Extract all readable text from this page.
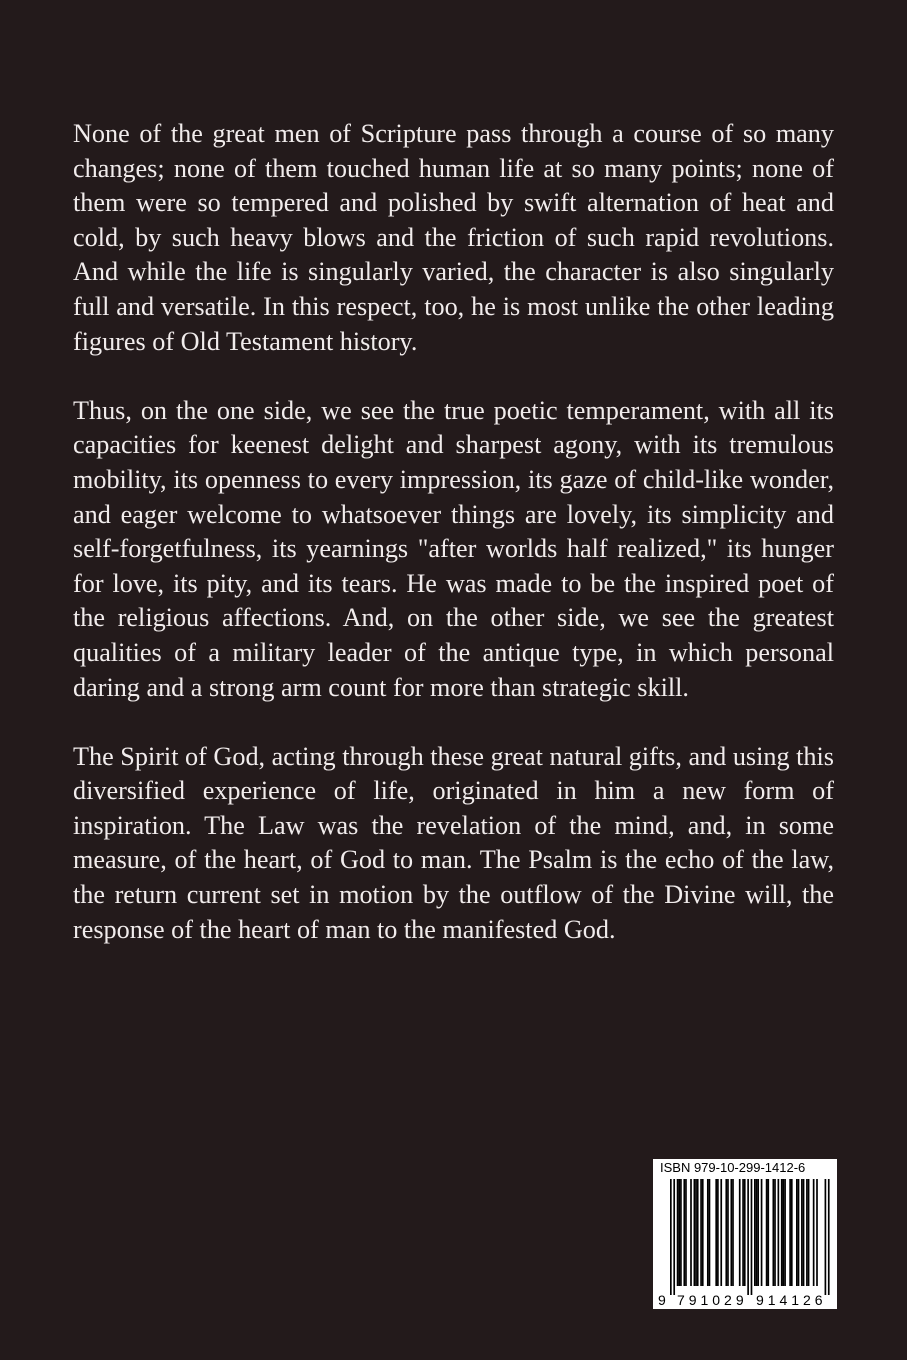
None of the great men of Scripture pass through a course of so many changes; none of them touched human life at so many points; none of them were so tempered and polished by swift alternation of heat and cold, by such heavy blows and the friction of such rapid revolutions. And while the life is singularly varied, the character is also singularly full and versatile. In this respect, too, he is most unlike the other leading figures of Old Testament history.

Thus, on the one side, we see the true poetic temperament, with all its capacities for keenest delight and sharpest agony, with its tremulous mobility, its openness to every impression, its gaze of child-like wonder, and eager welcome to whatsoever things are lovely, its simplicity and self-forgetfulness, its yearnings "after worlds half realized," its hunger for love, its pity, and its tears. He was made to be the inspired poet of the religious affections. And, on the other side, we see the greatest qualities of a military leader of the antique type, in which personal daring and a strong arm count for more than strategic skill.

The Spirit of God, acting through these great natural gifts, and using this diversified experience of life, originated in him a new form of inspiration. The Law was the revelation of the mind, and, in some measure, of the heart, of God to man. The Psalm is the echo of the law, the return current set in motion by the outflow of the Divine will, the response of the heart of man to the manifested God.

ISBN 979-10-299-1412-6
9 7 9 1 0 2 9 9 1 4 1 2 6
